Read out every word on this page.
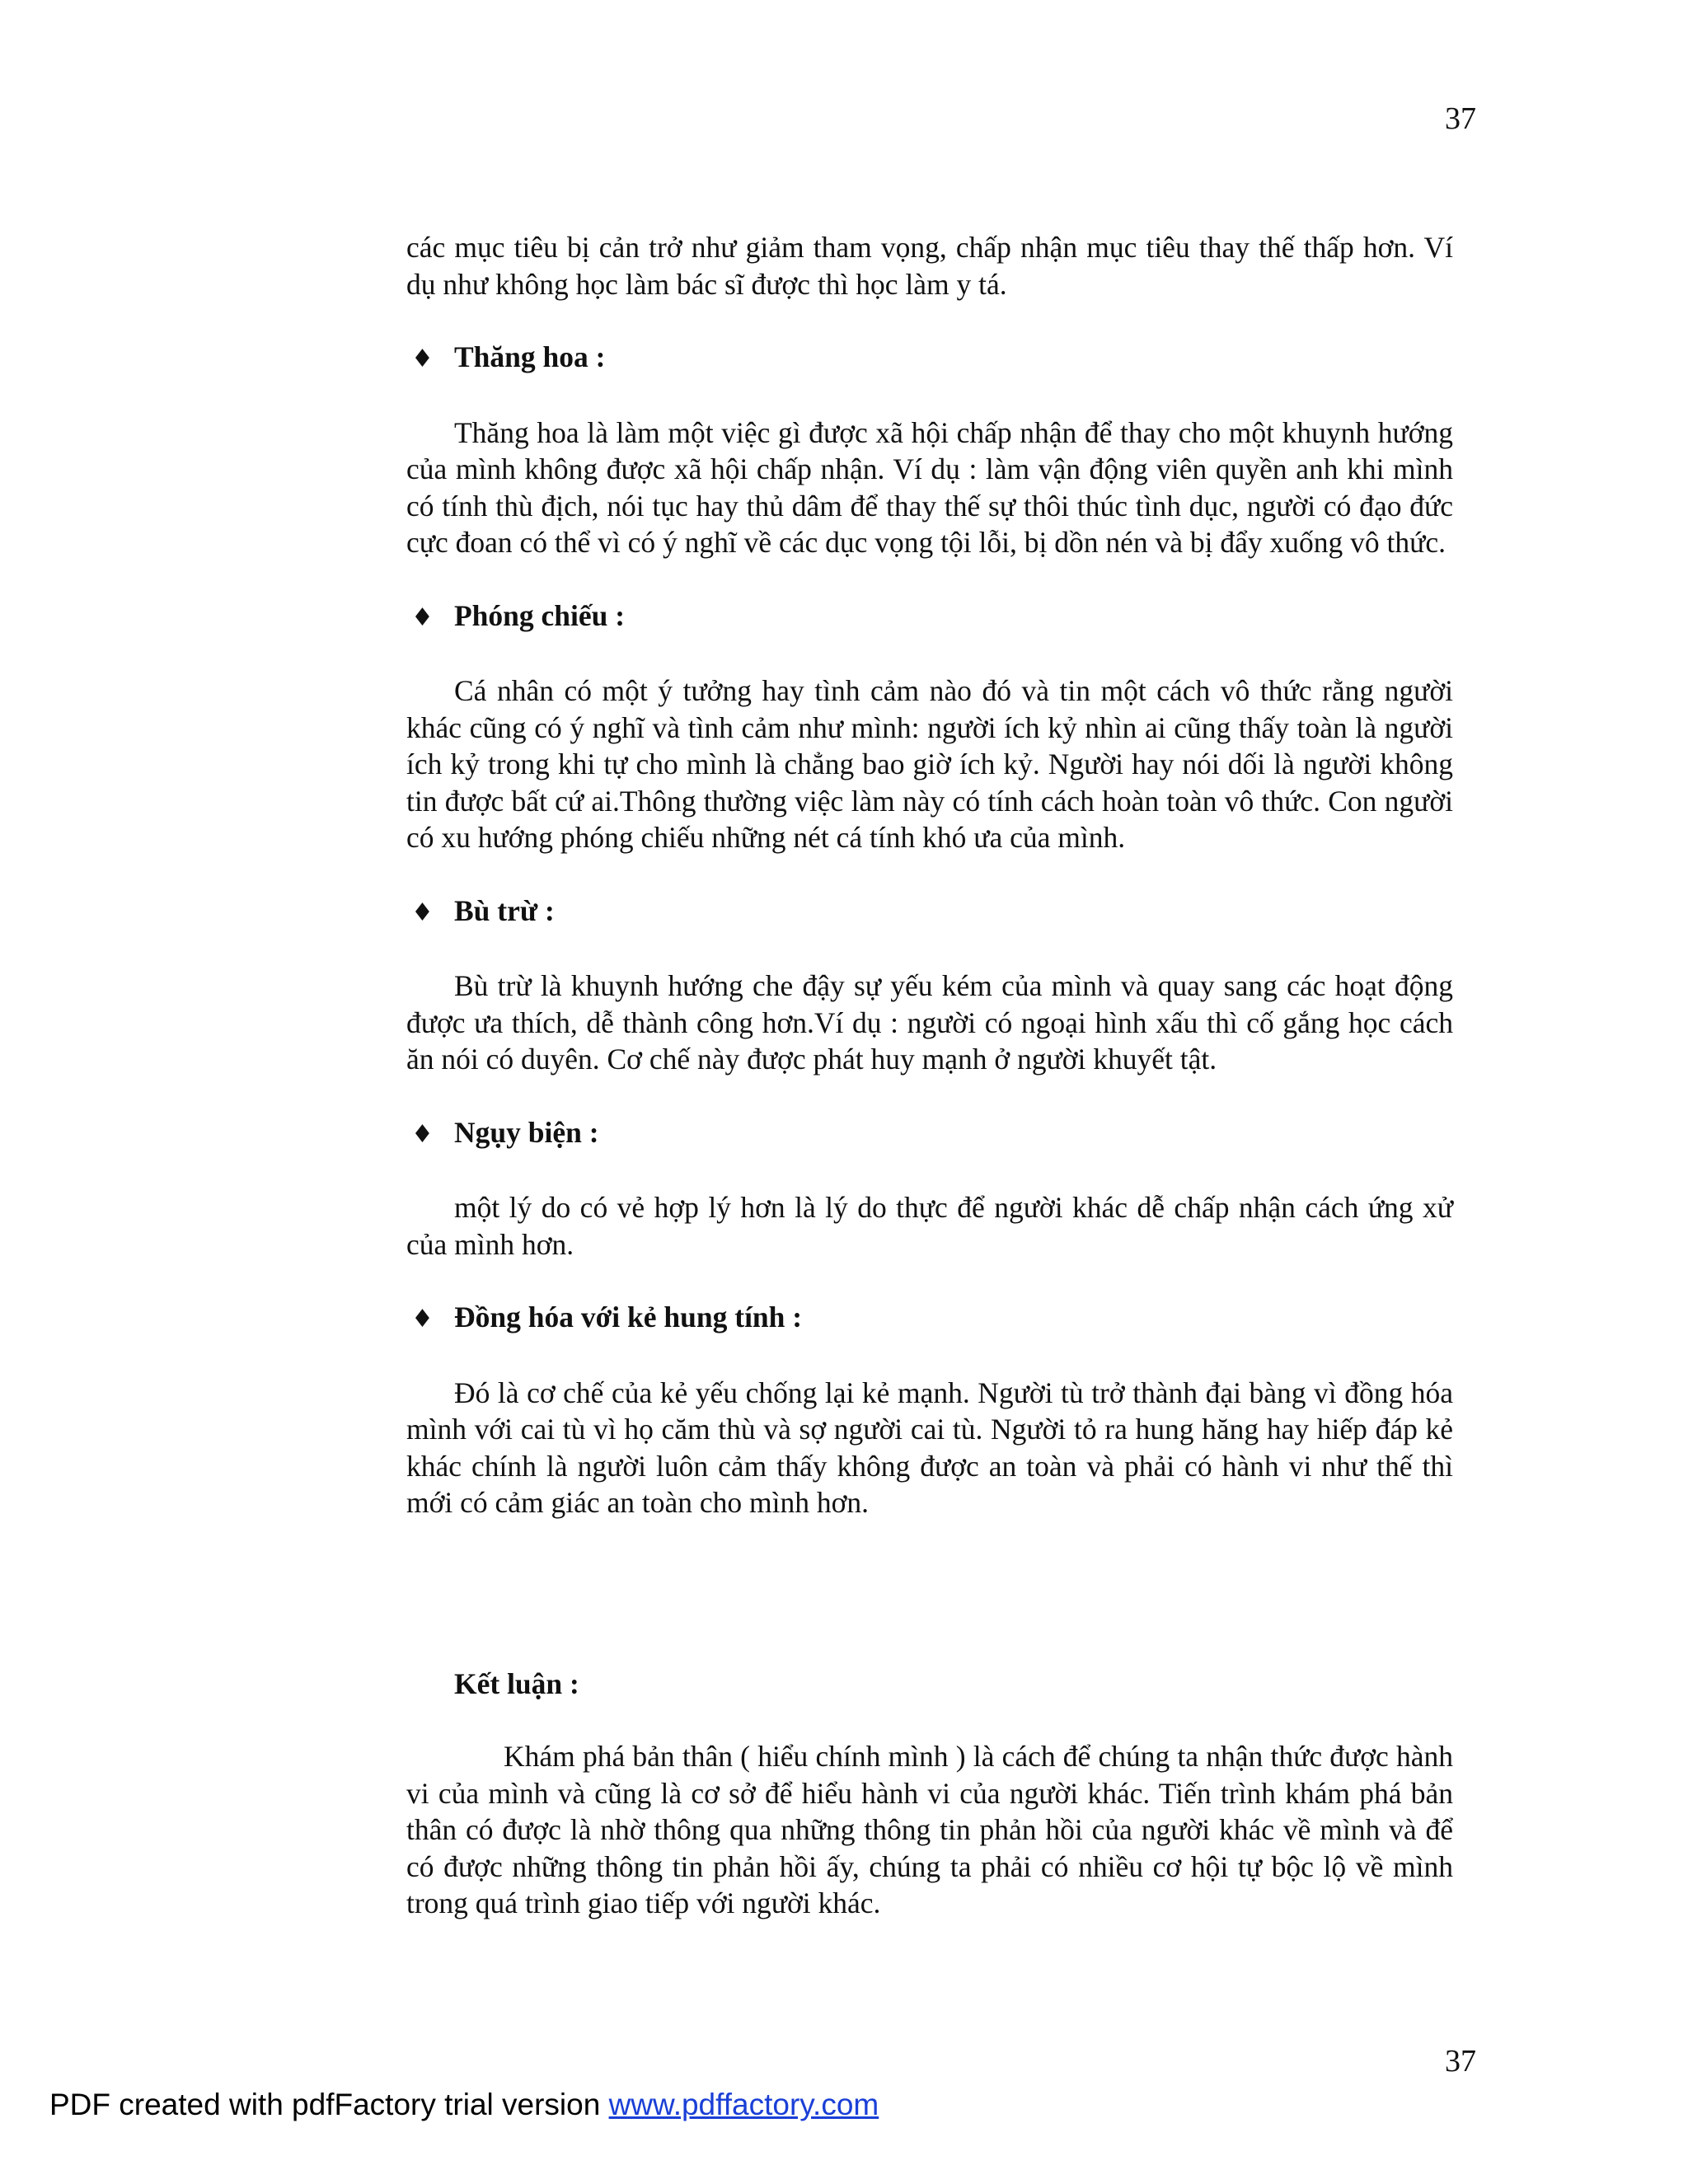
37

các mục tiêu bị cản trở như giảm tham vọng, chấp nhận mục tiêu thay thế thấp hơn. Ví dụ như không học làm bác sĩ được thì học làm y tá.

♦ Thăng hoa :

Thăng hoa là làm một việc gì được xã hội chấp nhận để thay cho một khuynh hướng của mình không được xã hội chấp nhận. Ví dụ : làm vận động viên quyền anh khi mình có tính thù địch, nói tục hay thủ dâm để thay thế sự thôi thúc tình dục, người có đạo đức cực đoan có thể vì có ý nghĩ về các dục vọng tội lỗi, bị dồn nén và bị đẩy xuống vô thức.

♦ Phóng chiếu :

Cá nhân có một ý tưởng hay tình cảm nào đó và tin một cách vô thức rằng người khác cũng có ý nghĩ và tình cảm như mình: người ích kỷ nhìn ai cũng thấy toàn là người ích kỷ trong khi tự cho mình là chẳng bao giờ ích kỷ. Người hay nói dối là người không tin được bất cứ ai.Thông thường việc làm này có tính cách hoàn toàn vô thức. Con người có xu hướng phóng chiếu những nét cá tính khó ưa của mình.

♦ Bù trừ :

Bù trừ là khuynh hướng che đậy sự yếu kém của mình và quay sang các hoạt động được ưa thích, dễ thành công hơn.Ví dụ : người có ngoại hình xấu thì cố gắng học cách ăn nói có duyên. Cơ chế này được phát huy mạnh ở người khuyết tật.

♦ Ngụy biện :

một lý do có vẻ hợp lý hơn là lý do thực để người khác dễ chấp nhận cách ứng xử của mình hơn.

♦ Đồng hóa với kẻ hung tính :

Đó là cơ chế của kẻ yếu chống lại kẻ mạnh. Người tù trở thành đại bàng vì đồng hóa mình với cai tù vì họ căm thù và sợ người cai tù. Người tỏ ra hung hăng hay hiếp đáp kẻ khác chính là người luôn cảm thấy không được an toàn và phải có hành vi như thế thì mới có cảm giác an toàn cho mình hơn.

Kết luận :

Khám phá bản thân ( hiểu chính mình ) là cách để chúng ta nhận thức được hành vi của mình và cũng là cơ sở để hiểu hành vi của người khác. Tiến trình khám phá bản thân có được là nhờ thông qua những thông tin phản hồi của người khác về mình và để có được những thông tin phản hồi ấy, chúng ta phải có nhiều cơ hội tự bộc lộ về mình trong quá trình giao tiếp với người khác.

37
PDF created with pdfFactory trial version www.pdffactory.com
